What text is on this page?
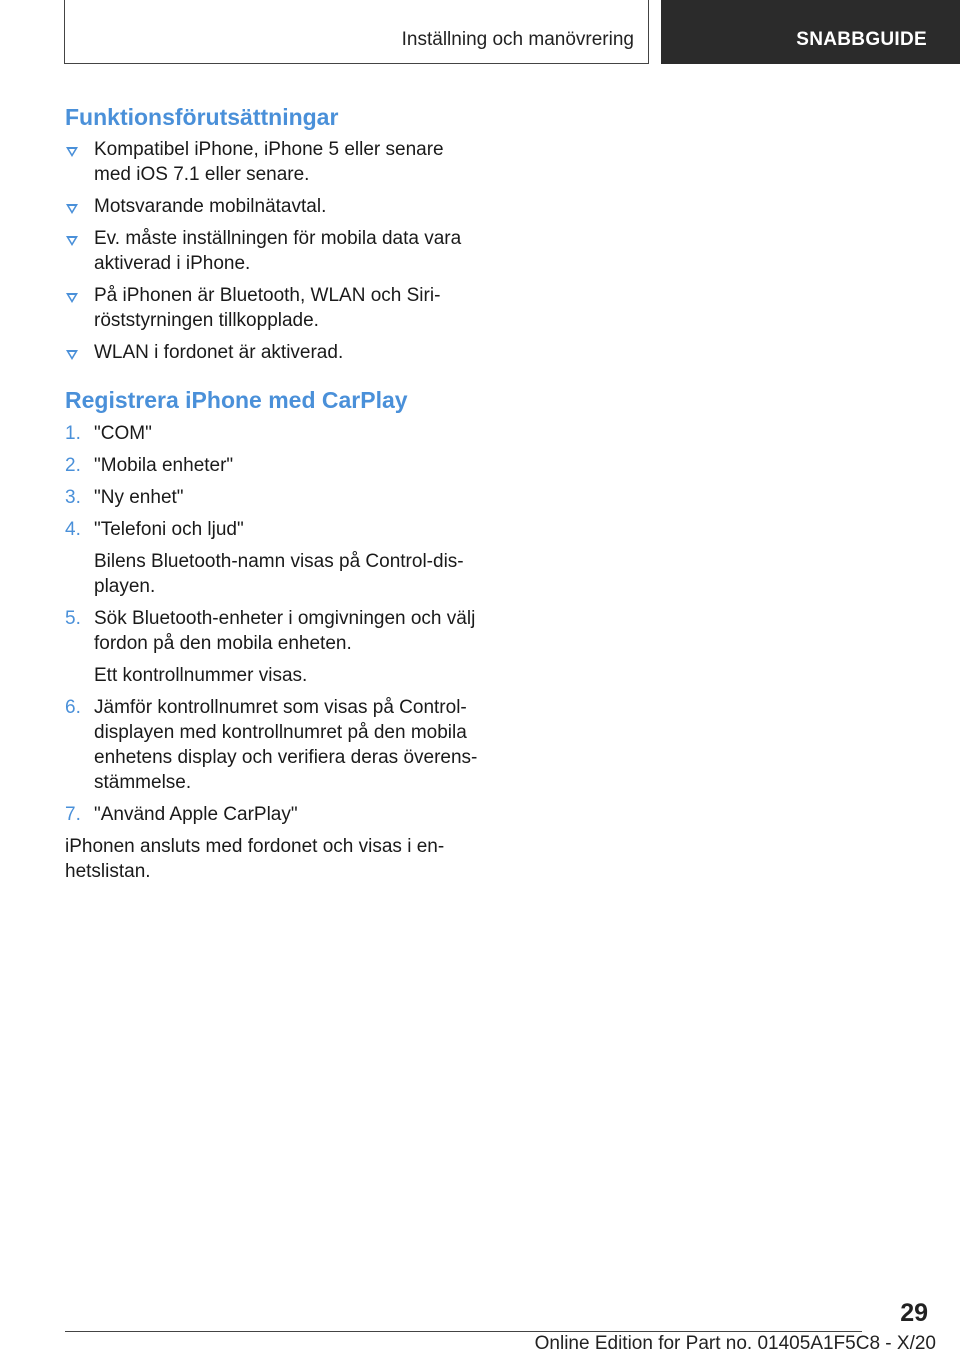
Inställning och manövrering	SNABBGUIDE
Funktionsförutsättningar
Kompatibel iPhone, iPhone 5 eller senare
med iOS 7.1 eller senare.
Motsvarande mobilnätavtal.
Ev. måste inställningen för mobila data vara
aktiverad i iPhone.
På iPhonen är Bluetooth, WLAN och Siri-
röststyrningen tillkopplade.
WLAN i fordonet är aktiverad.
Registrera iPhone med CarPlay
1. "COM"
2. "Mobila enheter"
3. "Ny enhet"
4. "Telefoni och ljud"
Bilens Bluetooth-namn visas på Control-dis-
playen.
5. Sök Bluetooth-enheter i omgivningen och välj
fordon på den mobila enheten.
Ett kontrollnummer visas.
6. Jämför kontrollnumret som visas på Control-
displayen med kontrollnumret på den mobila
enhetens display och verifiera deras överens-
stämmelse.
7. "Använd Apple CarPlay"

iPhonen ansluts med fordonet och visas i en-

hetslistan.

29
Online Edition for Part no. 01405A1F5C8 - X/20
